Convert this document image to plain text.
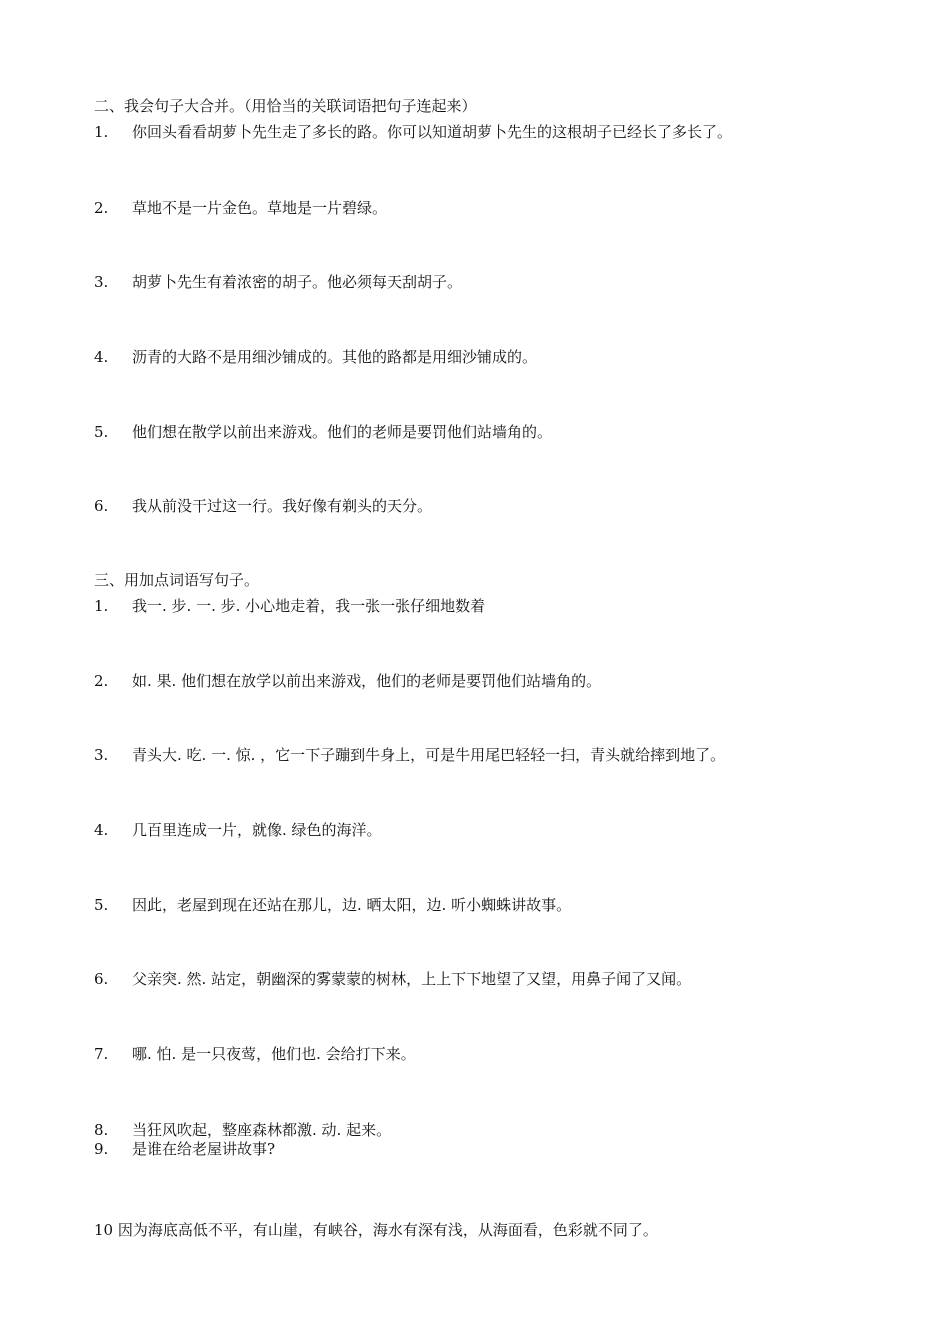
二、我会句子大合并。（用恰当的关联词语把句子连起来）
1. 你回头看看胡萝卜先生走了多长的路。你可以知道胡萝卜先生的这根胡子已经长了多长了。
2. 草地不是一片金色。草地是一片碧绿。
3. 胡萝卜先生有着浓密的胡子。他必须每天刮胡子。
4. 沥青的大路不是用细沙铺成的。其他的路都是用细沙铺成的。
5. 他们想在散学以前出来游戏。他们的老师是要罚他们站墙角的。
6. 我从前没干过这一行。我好像有剃头的天分。
三、用加点词语写句子。
1. 我一. 步. 一. 步. 小心地走着，我一张一张仔细地数着
2. 如. 果. 他们想在放学以前出来游戏，他们的老师是要罚他们站墙角的。
3. 青头大. 吃. 一. 惊. ，它一下子蹦到牛身上，可是牛用尾巴轻轻一扫，青头就给摔到地了。
4. 几百里连成一片，就像. 绿色的海洋。
5. 因此，老屋到现在还站在那儿，边. 晒太阳，边. 听小蜘蛛讲故事。
6. 父亲突. 然. 站定，朝幽深的雾蒙蒙的树林，上上下下地望了又望，用鼻子闻了又闻。
7. 哪. 怕. 是一只夜莺，他们也. 会给打下来。
8. 当狂风吹起，整座森林都激. 动. 起来。
9. 是谁在给老屋讲故事?
10 因为海底高低不平，有山崖，有峡谷，海水有深有浅，从海面看，色彩就不同了。
